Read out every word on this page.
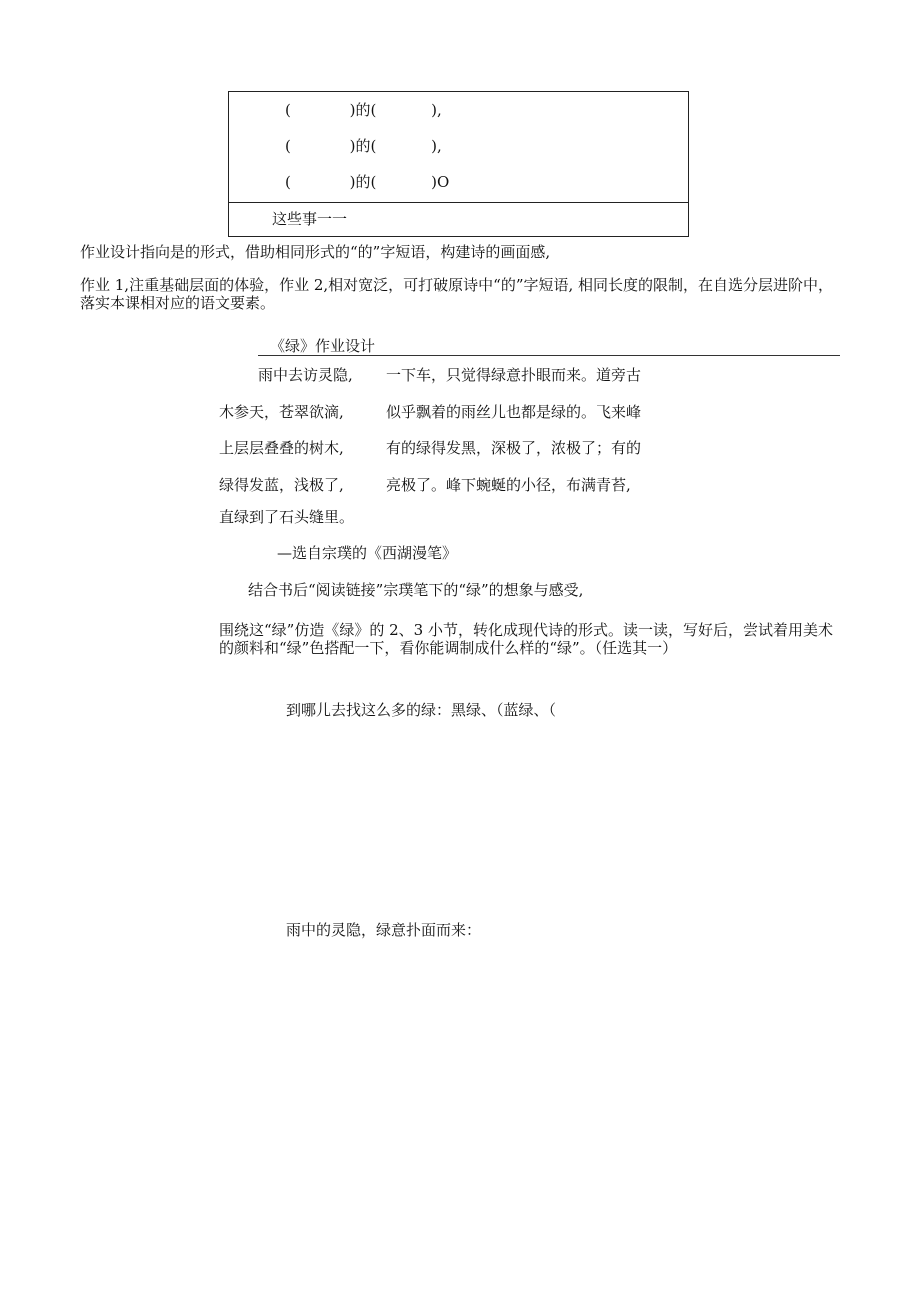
(	)的(	),
(	)的(	),
(	)的(	)O
这些事一一
作业设计指向是的形式，借助相同形式的“的”字短语，构建诗的画面感,
作业 1,注重基础层面的体验，作业 2,相对宽泛，可打破原诗中“的”字短语, 相同长度的限制，在自选分层进阶中，落实本课相对应的语文要素。
《绿》作业设计
雨中去访灵隐,
木参天，苍翠欲滴,
上层层叠叠的树木,
绿得发蓝，浅极了,
一下车，只觉得绿意扑眼而来。道旁古
似乎飘着的雨丝儿也都是绿的。飞来峰
有的绿得发黑，深极了，浓极了；有的
亮极了。峰下蜿蜒的小径，布满青苔,
直绿到了石头缝里。
—选自宗璞的《西湖漫笔》
结合书后“阅读链接”宗璞笔下的“绿”的想象与感受,
围绕这“绿”仿造《绿》的 2、3 小节，转化成现代诗的形式。读一读，写好后，尝试着用美术的颜料和“绿”色搭配一下，看你能调制成什么样的“绿”。（任选其一）
到哪儿去找这么多的绿：黑绿、（蓝绿、（
雨中的灵隐，绿意扑面而来：
